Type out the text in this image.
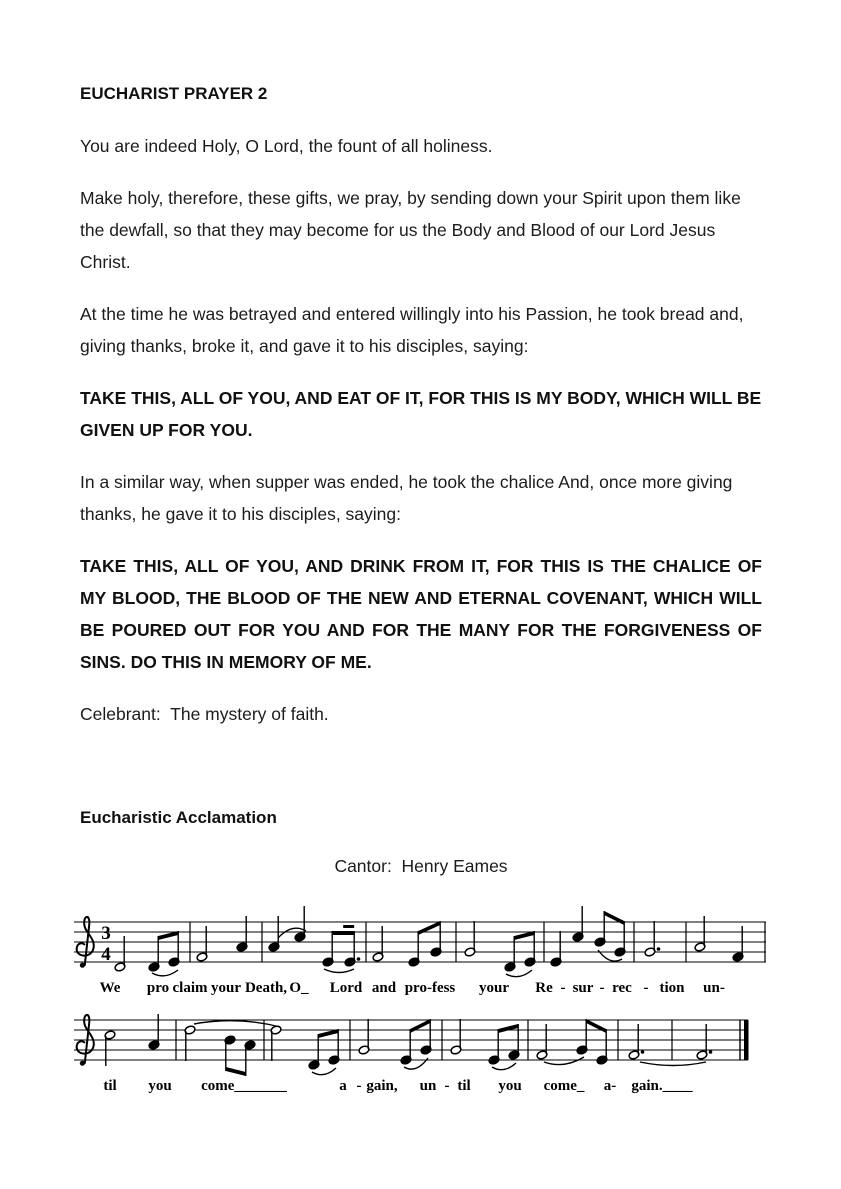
EUCHARIST PRAYER 2

You are indeed Holy, O Lord, the fount of all holiness.

Make holy, therefore, these gifts, we pray, by sending down your Spirit upon them like the dewfall, so that they may become for us the Body and Blood of our Lord Jesus Christ.

At the time he was betrayed and entered willingly into his Passion, he took bread and, giving thanks, broke it, and gave it to his disciples, saying:

TAKE THIS, ALL OF YOU, AND EAT OF IT, FOR THIS IS MY BODY, WHICH WILL BE GIVEN UP FOR YOU.

In a similar way, when supper was ended, he took the chalice And, once more giving thanks, he gave it to his disciples, saying:

TAKE THIS, ALL OF YOU, AND DRINK FROM IT, FOR THIS IS THE CHALICE OF MY BLOOD, THE BLOOD OF THE NEW AND ETERNAL COVENANT, WHICH WILL BE POURED OUT FOR YOU AND FOR THE MANY FOR THE FORGIVENESS OF SINS. DO THIS IN MEMORY OF ME.

Celebrant:  The mystery of faith.

Eucharistic Acclamation

Cantor:  Henry Eames

3
4
We pro claim your Death, O_ Lord and pro-fess your Re - sur - rec - tion un-
til you come_______	a - gain, un - til you come_ a- gain.____
